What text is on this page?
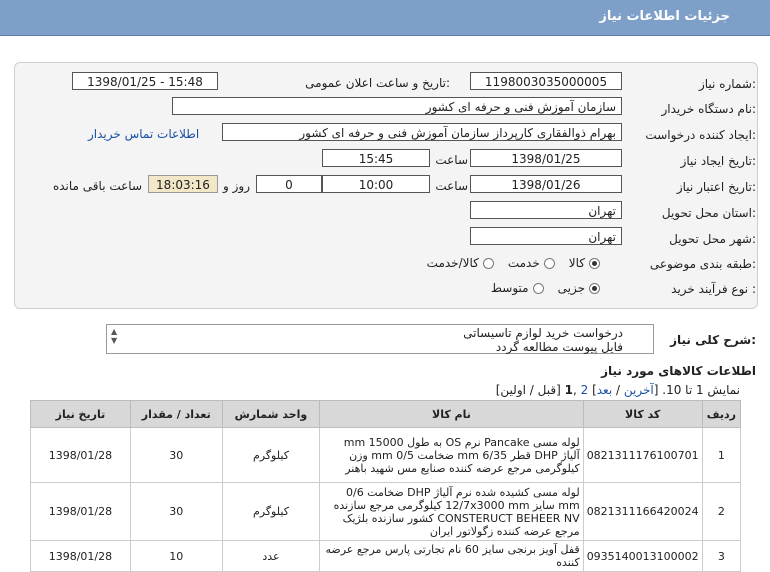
جزئیات اطلاعات نیاز
شماره نیاز:
1198003035000005
تاریخ و ساعت اعلان عمومی:
1398/01/25 - 15:48
نام دستگاه خریدار:
سازمان آموزش فنی و حرفه ای کشور
ایجاد کننده درخواست:
بهرام ذوالفقاری کارپرداز سازمان آموزش فنی و حرفه ای کشور
اطلاعات تماس خریدار
تاریخ ایجاد نیاز:
1398/01/25
ساعت
15:45
تاریخ اعتبار نیاز:
1398/01/26
ساعت
10:00
0
روز و
18:03:16
ساعت باقی مانده
استان محل تحویل:
تهران
شهر محل تحویل:
تهران
طبقه بندی موضوعی:
کالا
خدمت
کالا/خدمت
نوع فرآیند خرید :
جزیی
متوسط
شرح کلی نیاز:
▲
▼
درخواست خرید لوازم تاسیساتی
فایل پیوست مطالعه گردد
اطلاعات کالاهای مورد نیاز
نمایش 1 تا 10. [آخرین / بعد] 2 ,1 [قبل / اولین]
ردیف	کد کالا	نام کالا	واحد شمارش	تعداد / مقدار	تاریخ نیاز
1	0821311176100701	لوله مسی Pancake نرم OS به طول 15000 mm آلیاژ DHP قطر 6/35 mm ضخامت 0/5 mm وزن کیلوگرمی مرجع عرضه کننده صنایع مس شهید باهنر	کیلوگرم	30	1398/01/28
2	0821311166420024	لوله مسی کشیده شده نرم آلیاژ DHP ضخامت 0/6 mm سایز 12/7x3000 mm کیلوگرمی مرجع سازنده CONSTERUCT BEHEER NV کشور سازنده بلژیک مرجع عرضه کننده زگولاتور ایران	کیلوگرم	30	1398/01/28
3	0935140013100002	قفل آویز برنجی سایز 60 نام تجارتی پارس مرجع عرضه کننده	عدد	10	1398/01/28
